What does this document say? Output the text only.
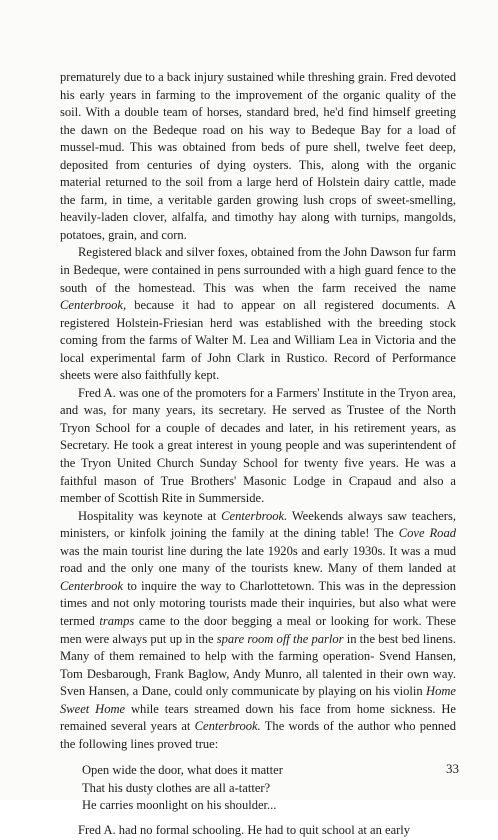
prematurely due to a back injury sustained while threshing grain. Fred devoted his early years in farming to the improvement of the organic quality of the soil. With a double team of horses, standard bred, he'd find himself greeting the dawn on the Bedeque road on his way to Bedeque Bay for a load of mussel-mud. This was obtained from beds of pure shell, twelve feet deep, deposited from centuries of dying oysters. This, along with the organic material returned to the soil from a large herd of Holstein dairy cattle, made the farm, in time, a veritable garden growing lush crops of sweet-smelling, heavily-laden clover, alfalfa, and timothy hay along with turnips, mangolds, potatoes, grain, and corn.

Registered black and silver foxes, obtained from the John Dawson fur farm in Bedeque, were contained in pens surrounded with a high guard fence to the south of the homestead. This was when the farm received the name Centerbrook, because it had to appear on all registered documents. A registered Holstein-Friesian herd was established with the breeding stock coming from the farms of Walter M. Lea and William Lea in Victoria and the local experimental farm of John Clark in Rustico. Record of Performance sheets were also faithfully kept.

Fred A. was one of the promoters for a Farmers' Institute in the Tryon area, and was, for many years, its secretary. He served as Trustee of the North Tryon School for a couple of decades and later, in his retirement years, as Secretary. He took a great interest in young people and was superintendent of the Tryon United Church Sunday School for twenty five years. He was a faithful mason of True Brothers' Masonic Lodge in Crapaud and also a member of Scottish Rite in Summerside.

Hospitality was keynote at Centerbrook. Weekends always saw teachers, ministers, or kinfolk joining the family at the dining table! The Cove Road was the main tourist line during the late 1920s and early 1930s. It was a mud road and the only one many of the tourists knew. Many of them landed at Centerbrook to inquire the way to Charlottetown. This was in the depression times and not only motoring tourists made their inquiries, but also what were termed tramps came to the door begging a meal or looking for work. These men were always put up in the spare room off the parlor in the best bed linens. Many of them remained to help with the farming operation- Svend Hansen, Tom Desbarough, Frank Baglow, Andy Munro, all talented in their own way. Sven Hansen, a Dane, could only communicate by playing on his violin Home Sweet Home while tears streamed down his face from home sickness. He remained several years at Centerbrook. The words of the author who penned the following lines proved true:

Open wide the door, what does it matter
That his dusty clothes are all a-tatter?
He carries moonlight on his shoulder...

Fred A. had no formal schooling. He had to quit school at an early

33
